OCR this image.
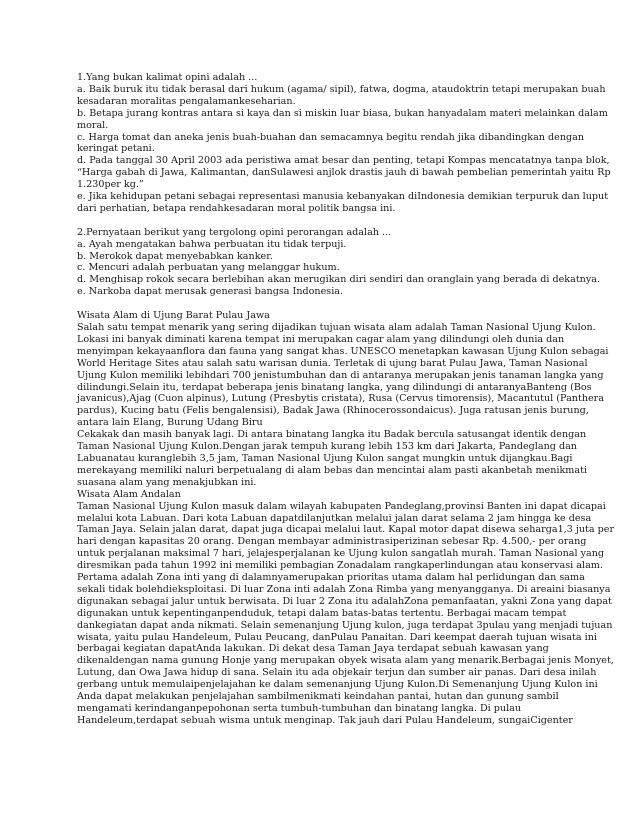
1.Yang bukan kalimat opini adalah ...
a. Baik buruk itu tidak berasal dari hukum (agama/ sipil), fatwa, dogma, ataudoktrin tetapi merupakan buah
kesadaran moralitas pengalamankeseharian.
b. Betapa jurang kontras antara si kaya dan si miskin luar biasa, bukan hanyadalam materi melainkan dalam
moral.
c. Harga tomat dan aneka jenis buah-buahan dan semacamnya begitu rendah jika dibandingkan dengan
keringat petani.
d. Pada tanggal 30 April 2003 ada peristiwa amat besar dan penting, tetapi Kompas mencatatnya tanpa blok,
“Harga gabah di Jawa, Kalimantan, danSulawesi anjlok drastis jauh di bawah pembelian pemerintah yaitu Rp
1.230per kg.”
e. Jika kehidupan petani sebagai representasi manusia kebanyakan diIndonesia demikian terpuruk dan luput
dari perhatian, betapa rendahkesadaran moral politik bangsa ini.
2.Pernyataan berikut yang tergolong opini perorangan adalah ...
a. Ayah mengatakan bahwa perbuatan itu tidak terpuji.
b. Merokok dapat menyebabkan kanker.
c. Mencuri adalah perbuatan yang melanggar hukum.
d. Menghisap rokok secara berlebihan akan merugikan diri sendiri dan oranglain yang berada di dekatnya.
e. Narkoba dapat merusak generasi bangsa Indonesia.
Wisata Alam di Ujung Barat Pulau Jawa
Salah satu tempat menarik yang sering dijadikan tujuan wisata alam adalah Taman Nasional Ujung Kulon.
Lokasi ini banyak diminati karena tempat ini merupakan cagar alam yang dilindungi oleh dunia dan
menyimpan kekayaanflora dan fauna yang sangat khas. UNESCO menetapkan kawasan Ujung Kulon sebagai
World Heritage Sites atau salah satu warisan dunia. Terletak di ujung barat Pulau Jawa, Taman Nasional
Ujung Kulon memiliki lebihdari 700 jenistumbuhan dan di antaranya merupakan jenis tanaman langka yang
dilindungi.Selain itu, terdapat beberapa jenis binatang langka, yang dilindungi di antaranyaBanteng (Bos
javanicus),Ajag (Cuon alpinus), Lutung (Presbytis cristata), Rusa (Cervus timorensis), Macantutul (Panthera
pardus), Kucing batu (Felis bengalensisi), Badak Jawa (Rhinocerossondaicus). Juga ratusan jenis burung,
antara lain Elang, Burung Udang Biru
Cekakak dan masih banyak lagi. Di antara binatang langka itu Badak bercula satusangat identik dengan
Taman Nasional Ujung Kulon.Dengan jarak tempuh kurang lebih 153 km dari Jakarta, Pandeglang dan
Labuanatau kuranglebih 3,5 jam, Taman Nasional Ujung Kulon sangat mungkin untuk dijangkau.Bagi
merekayang memiliki naluri berpetualang di alam bebas dan mencintai alam pasti akanbetah menikmati
suasana alam yang menakjubkan ini.
Wisata Alam Andalan
Taman Nasional Ujung Kulon masuk dalam wilayah kabupaten Pandeglang,provinsi Banten ini dapat dicapai
melalui kota Labuan. Dari kota Labuan dapatdilanjutkan melalui jalan darat selama 2 jam hingga ke desa
Taman Jaya. Selain jalan darat, dapat juga dicapai melalui laut. Kapal motor dapat disewa seharga1,3 juta per
hari dengan kapasitas 20 orang. Dengan membayar administrasiperizinan sebesar Rp. 4.500,- per orang
untuk perjalanan maksimal 7 hari, jelajesperjalanan ke Ujung kulon sangatlah murah. Taman Nasional yang
diresmikan pada tahun 1992 ini memiliki pembagian Zonadalam rangkaperlindungan atau konservasi alam.
Pertama adalah Zona inti yang di dalamnyamerupakan prioritas utama dalam hal perlidungan dan sama
sekali tidak bolehdieksploitasi. Di luar Zona inti adalah Zona Rimba yang menyangganya. Di areaini biasanya
digunakan sebagai jalur untuk berwisata. Di luar 2 Zona itu adalahZona pemanfaatan, yakni Zona yang dapat
digunakan untuk kepentinganpenduduk, tetapi dalam batas-batas tertentu. Berbagai macam tempat
dankegiatan dapat anda nikmati. Selain semenanjung Ujung kulon, juga terdapat 3pulau yang menjadi tujuan
wisata, yaitu pulau Handeleum, Pulau Peucang, danPulau Panaitan. Dari keempat daerah tujuan wisata ini
berbagai kegiatan dapatAnda lakukan. Di dekat desa Taman Jaya terdapat sebuah kawasan yang
dikenaldengan nama gunung Honje yang merupakan obyek wisata alam yang menarik.Berbagai jenis Monyet,
Lutung, dan Owa Jawa hidup di sana. Selain itu ada objekair terjun dan sumber air panas. Dari desa inilah
gerbang untuk memulaipenjelajahan ke dalam semenanjung Ujung Kulon.Di Semenanjung Ujung Kulon ini
Anda dapat melakukan penjelajahan sambilmenikmati keindahan pantai, hutan dan gunung sambil
mengamati kerindanganpepohonan serta tumbuh-tumbuhan dan binatang langka. Di pulau
Handeleum,terdapat sebuah wisma untuk menginap. Tak jauh dari Pulau Handeleum, sungaiCigenter
